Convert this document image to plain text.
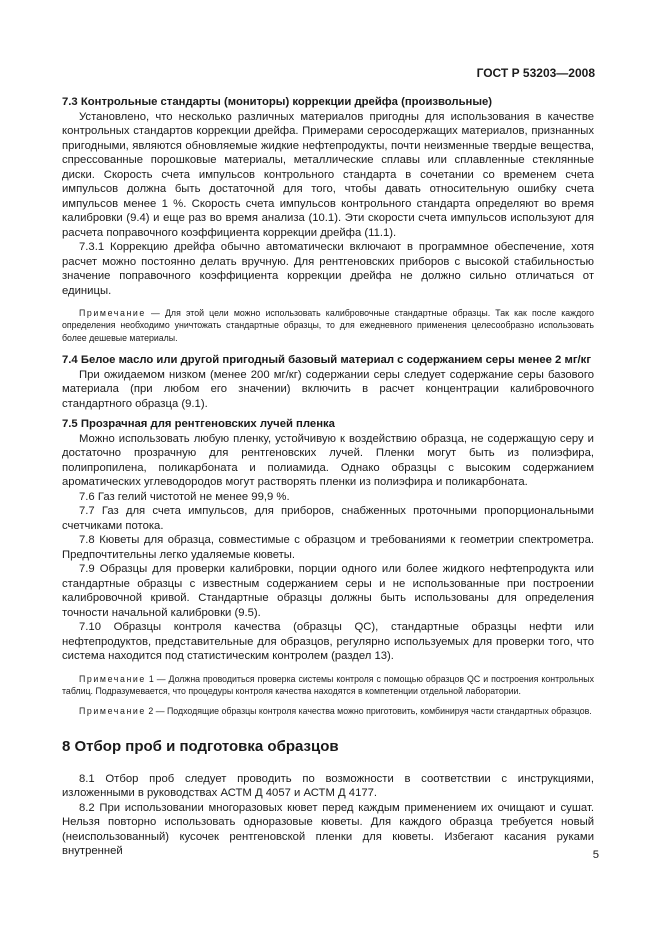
ГОСТ Р 53203—2008
7.3 Контрольные стандарты (мониторы) коррекции дрейфа (произвольные)
Установлено, что несколько различных материалов пригодны для использования в качестве контрольных стандартов коррекции дрейфа. Примерами серосодержащих материалов, признанных пригодными, являются обновляемые жидкие нефтепродукты, почти неизменные твердые вещества, спрессованные порошковые материалы, металлические сплавы или сплавленные стеклянные диски. Скорость счета импульсов контрольного стандарта в сочетании со временем счета импульсов должна быть достаточной для того, чтобы давать относительную ошибку счета импульсов менее 1 %. Скорость счета импульсов контрольного стандарта определяют во время калибровки (9.4) и еще раз во время анализа (10.1). Эти скорости счета импульсов используют для расчета поправочного коэффициента коррекции дрейфа (11.1).
7.3.1 Коррекцию дрейфа обычно автоматически включают в программное обеспечение, хотя расчет можно постоянно делать вручную. Для рентгеновских приборов с высокой стабильностью значение поправочного коэффициента коррекции дрейфа не должно сильно отличаться от единицы.
Примечание — Для этой цели можно использовать калибровочные стандартные образцы. Так как после каждого определения необходимо уничтожать стандартные образцы, то для ежедневного применения целесообразно использовать более дешевые материалы.
7.4 Белое масло или другой пригодный базовый материал с содержанием серы менее 2 мг/кг
При ожидаемом низком (менее 200 мг/кг) содержании серы следует содержание серы базового материала (при любом его значении) включить в расчет концентрации калибровочного стандартного образца (9.1).
7.5 Прозрачная для рентгеновских лучей пленка
Можно использовать любую пленку, устойчивую к воздействию образца, не содержащую серу и достаточно прозрачную для рентгеновских лучей. Пленки могут быть из полиэфира, полипропилена, поликарбоната и полиамида. Однако образцы с высоким содержанием ароматических углеводородов могут растворять пленки из полиэфира и поликарбоната.
7.6 Газ гелий чистотой не менее 99,9 %.
7.7 Газ для счета импульсов, для приборов, снабженных проточными пропорциональными счетчиками потока.
7.8 Кюветы для образца, совместимые с образцом и требованиями к геометрии спектрометра. Предпочтительны легко удаляемые кюветы.
7.9 Образцы для проверки калибровки, порции одного или более жидкого нефтепродукта или стандартные образцы с известным содержанием серы и не использованные при построении калибровочной кривой. Стандартные образцы должны быть использованы для определения точности начальной калибровки (9.5).
7.10 Образцы контроля качества (образцы QC), стандартные образцы нефти или нефтепродуктов, представительные для образцов, регулярно используемых для проверки того, что система находится под статистическим контролем (раздел 13).
Примечание 1 — Должна проводиться проверка системы контроля с помощью образцов QC и построения контрольных таблиц. Подразумевается, что процедуры контроля качества находятся в компетенции отдельной лаборатории.
Примечание 2 — Подходящие образцы контроля качества можно приготовить, комбинируя части стандартных образцов.
8 Отбор проб и подготовка образцов
8.1 Отбор проб следует проводить по возможности в соответствии с инструкциями, изложенными в руководствах АСТМ Д 4057 и АСТМ Д 4177.
8.2 При использовании многоразовых кювет перед каждым применением их очищают и сушат. Нельзя повторно использовать одноразовые кюветы. Для каждого образца требуется новый (неиспользованный) кусочек рентгеновской пленки для кюветы. Избегают касания руками внутренней	5
